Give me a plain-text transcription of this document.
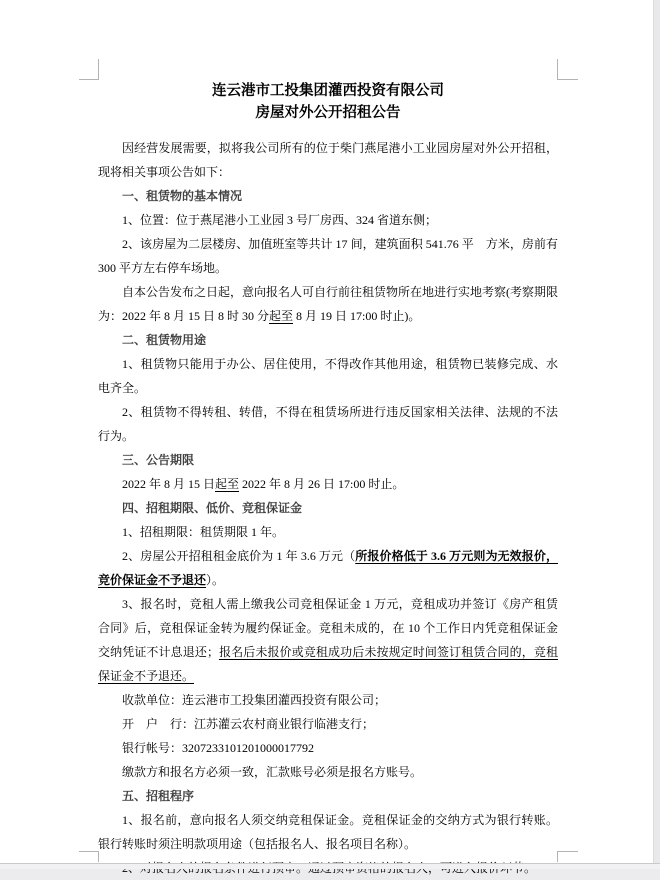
连云港市工投集团灌西投资有限公司

房屋对外公开招租公告

因经营发展需要，拟将我公司所有的位于柴门燕尾港小工业园房屋对外公开招租，现将相关事项公告如下：

一、租赁物的基本情况

1、位置：位于燕尾港小工业园 3 号厂房西、324 省道东侧；

2、该房屋为二层楼房、加值班室等共计 17 间，建筑面积 541.76 平　方米，房前有 300 平方左右停车场地。

自本公告发布之日起，意向报名人可自行前往租赁物所在地进行实地考察(考察期限为：2022 年 8 月 15 日 8 时 30 分起至 8 月 19 日 17:00 时止)。

二、租赁物用途

1、租赁物只能用于办公、居住使用，不得改作其他用途，租赁物已装修完成、水电齐全。

2、租赁物不得转租、转借，不得在租赁场所进行违反国家相关法律、法规的不法行为。

三、公告期限

2022 年 8 月 15 日起至 2022 年 8 月 26 日 17:00 时止。

四、招租期限、低价、竞租保证金

1、招租期限：租赁期限 1 年。

2、房屋公开招租租金底价为 1 年 3.6 万元（所报价格低于 3.6 万元则为无效报价，竞价保证金不予退还）。

3、报名时，竞租人需上缴我公司竞租保证金 1 万元，竞租成功并签订《房产租赁合同》后，竞租保证金转为履约保证金。竞租未成的，在 10 个工作日内凭竞租保证金交纳凭证不计息退还；报名后未报价或竞租成功后未按规定时间签订租赁合同的，竞租保证金不予退还。

收款单位：连云港市工投集团灌西投资有限公司；

开　户　行：江苏灌云农村商业银行临港支行；

银行帐号：3207233101201000017792

缴款方和报名方必须一致，汇款账号必须是报名方账号。

五、招租程序

1、报名前，意向报名人须交纳竞租保证金。竞租保证金的交纳方式为银行转账。银行转账时须注明款项用途（包括报名人、报名项目名称）。
